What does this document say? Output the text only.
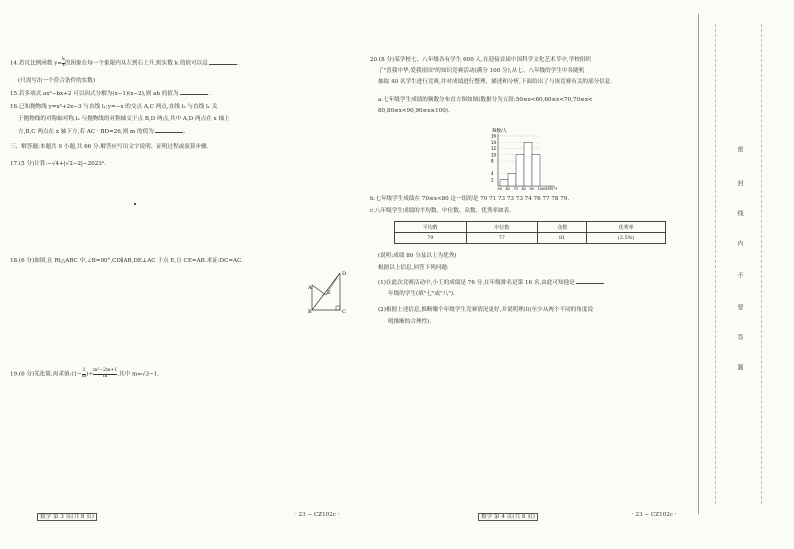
14.若反比例函数 $y= \frac{k}{x}$ 的图象在每一个象限内从左到右上升,则实数 k 的值可以是	.
(只需写出一个符合条件的实数)
15.若多项式 ax²−bx+2 可以因式分解为(x−1)(x−2),则 ab 的值为	.
16.已知抛物线 y=x²+2x−3 与直线 l₁:y=−x 的交点 A,C 两点,直线 l₂ 与直线 l₁ 关
于抛物线的对称轴对称,l₂ 与抛物线的对称轴交于点 B,D 两点,其中 A,D 两点在 x 轴上
方,B,C 两点在 x 轴下方,若 AC · BD=26,则 m 的值为	.
三、解答题:本题共 9 小题,共 66 分.解答应写出文字说明、证明过程或演算步骤.
17.(5 分)计算:−√4+|√2−2|−2023⁰.
18.(6 分)如图,在 Rt△ABC 中,∠B=90°,CD∥AB,DE⊥AC 于点 E,且 CE=AB.求证:DC=AC.
A
B	C
D
E
19.(6 分)先化简,再求值:(1− $\frac{1}{m}$ )÷ $\frac{\text{m²−2m+1}}{m}$ ,其中 m=√3−1.
数学 第 3 页(共 8 页)	· 23 − CZ102c ·
20.(8 分)某学校七、八年级各有学生 600 人,在迎接首届中国科学文化艺术节中,学校组织
了"喜我中华,爱我祖国"的知识竞赛活动(满分 100 分),从七、八年级的学生中各随机
抽取 40 名学生进行竞赛,并对成绩进行整理、描述和分析,下面给出了与该竞赛有关的部分信息.
a.七年级学生成绩的频数分布直方图如图(数据分为五组:50≤x<60,60≤x<70,70≤x<
80,80≤x<90,90≤x≤100).
频数/人
2
4
8
10
12
14
16
50 60 70 80 90 100 成绩/分
b.七年级学生成绩在 70≤x<80 这一组的是 70 71 73 73 73 74 76 77 78 79.
c.八年级学生成绩的平均数、中位数、众数、优秀率如表.
平均数	中位数	众数	优秀率
79	77	81	(2.5%)
(说明:成绩 80 分及以上为优秀)
根据以上信息,回答下列问题:
(1)在此次竞赛活动中,小王的成绩是 76 分,在年级排名是第 16 名,由此可知他是
年级的学生(填"七"或"八").
(2)根据上述信息,推断哪个年级学生竞赛情况更好,并说明理由(至少从两个不同的角度说
明推断的合理性).
数学 第 4 页(共 8 页)	· 23 − CZ102c ·
密
封
线
内
不
要
答
题
